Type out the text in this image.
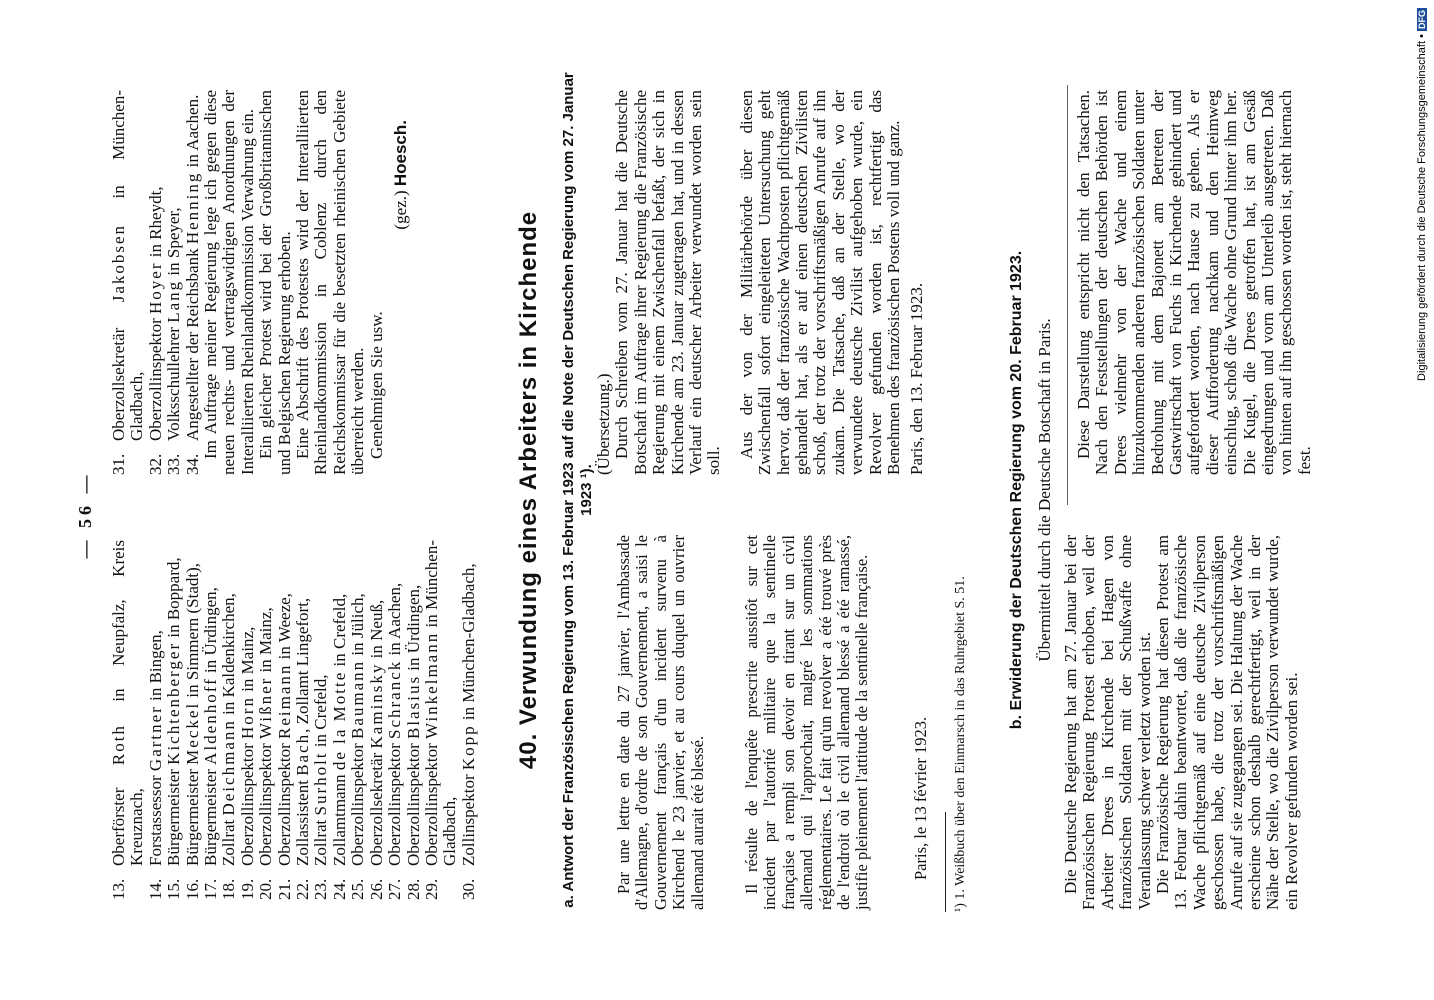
— 56 —
13.
Oberförster Roth in Neupfalz, Kreis Kreuznach,
14.
Forstassessor Gartner in Bingen,
15.
Bürgermeister Kichtenberger in Boppard,
16.
Bürgermeister Meckel in Simmern (Stadt),
17.
Bürgermeister Aldenhoff in Ürdingen,
18.
Zollrat Deichmann in Kaldenkirchen,
19.
Oberzollinspektor Horn in Mainz,
20.
Oberzollinspektor Wißner in Mainz,
21.
Oberzollinspektor Reimann in Weeze,
22.
Zollassistent Bach, Zollamt Lingefort,
23.
Zollrat Surholt in Crefeld,
24.
Zollamtmann de la Motte in Crefeld,
25.
Oberzollinspektor Baumann in Jülich,
26.
Oberzollsekretär Kaminsky in Neuß,
27.
Oberzollinspektor Schranck in Aachen,
28.
Oberzollinspektor Blasius in Ürdingen,
29.
Oberzollinspektor Winkelmann in München-Gladbach,
30.
Zollinspektor Kopp in München-Gladbach,
31.
Oberzollsekretär Jakobsen in München-Gladbach,
32.
Oberzollinspektor Hoyer in Rheydt,
33.
Volksschullehrer Lang in Speyer,
34.
Angestellter der Reichsbank Henning in Aachen. Im Auftrage meiner Regierung lege ich gegen diese neuen rechts- und vertragswidrigen Anordnungen der Interalliierten Rheinlandkommission Verwahrung ein. Ein gleicher Protest wird bei der Großbritannischen und Belgischen Regierung erhoben. Eine Abschrift des Protestes wird der Interalliierten Rheinlandkommission in Coblenz durch den Reichskommissar für die besetzten rheinischen Gebiete überreicht werden. Genehmigen Sie usw.

(gez.) Hoesch.
40. Verwundung eines Arbeiters in Kirchende a. Antwort der Französischen Regierung vom 13. Februar 1923 auf die Note der Deutschen Regierung vom 27. Januar 1923 ¹).

Par une lettre en date du 27 janvier, l'Ambassade d'Allemagne, d'ordre de son Gouvernement, a saisi le Gouvernement français d'un incident survenu à Kirchend le 23 janvier, et au cours duquel un ouvrier allemand aurait été blessé. Il résulte de l'enquête prescrite aussitôt sur cet incident par l'autorité militaire que la sentinelle française a rempli son devoir en tirant sur un civil allemand qui l'approchait, malgré les sommations réglementaires. Le fait qu'un revolver a été trouvé près de l'endroit où le civil allemand blessé a été ramassé, justifie pleinement l'attitude de la sentinelle française. Paris, le 13 février 1923.

(Übersetzung.) Durch Schreiben vom 27. Januar hat die Deutsche Botschaft im Auftrage ihrer Regierung die Französische Regierung mit einem Zwischenfall befaßt, der sich in Kirchende am 23. Januar zugetragen hat, und in dessen Verlauf ein deutscher Arbeiter verwundet worden sein soll.

Aus der von der Militärbehörde über diesen Zwischenfall sofort eingeleiteten Untersuchung geht hervor, daß der französische Wachtposten pflichtgemäß gehandelt hat, als er auf einen deutschen Zivilisten schoß, der trotz der vorschriftsmäßigen Anrufe auf ihn zukam. Die Tatsache, daß an der Stelle, wo der verwundete deutsche Zivilist aufgehoben wurde, ein Revolver gefunden worden ist, rechtfertigt das Benehmen des französischen Postens voll und ganz. Paris, den 13. Februar 1923.

¹) 1. Weißbuch über den Einmarsch in das Ruhrgebiet S. 51.
b. Erwiderung der Deutschen Regierung vom 20. Februar 1923. Übermittelt durch die Deutsche Botschaft in Paris.

Die Deutsche Regierung hat am 27. Januar bei der Französischen Regierung Protest erhoben, weil der Arbeiter Drees in Kirchende bei Hagen von französischen Soldaten mit der Schußwaffe ohne Veranlassung schwer verletzt worden ist. Die Französische Regierung hat diesen Protest am 13. Februar dahin beantwortet, daß die französische Wache pflichtgemäß auf eine deutsche Zivilperson geschossen habe, die trotz der vorschriftsmäßigen Anrufe auf sie zugegangen sei. Die Haltung der Wache erscheine schon deshalb gerechtfertigt, weil in der Nähe der Stelle, wo die Zivilperson verwundet wurde, ein Revolver gefunden worden sei.

Diese Darstellung entspricht nicht den Tatsachen. Nach den Feststellungen der deutschen Behörden ist Drees vielmehr von der Wache und einem hinzukommenden anderen französischen Soldaten unter Bedrohung mit dem Bajonett am Betreten der Gastwirtschaft von Fuchs in Kirchende gehindert und aufgefordert worden, nach Hause zu gehen. Als er dieser Aufforderung nachkam und den Heimweg einschlug, schoß die Wache ohne Grund hinter ihm her. Die Kugel, die Drees getroffen hat, ist am Gesäß eingedrungen und vorn am Unterleib ausgetreten. Daß von hinten auf ihn geschossen worden ist, steht hiernach fest.

Digitalisierung gefördert durch die Deutsche Forschungsgemeinschaft • DFG
